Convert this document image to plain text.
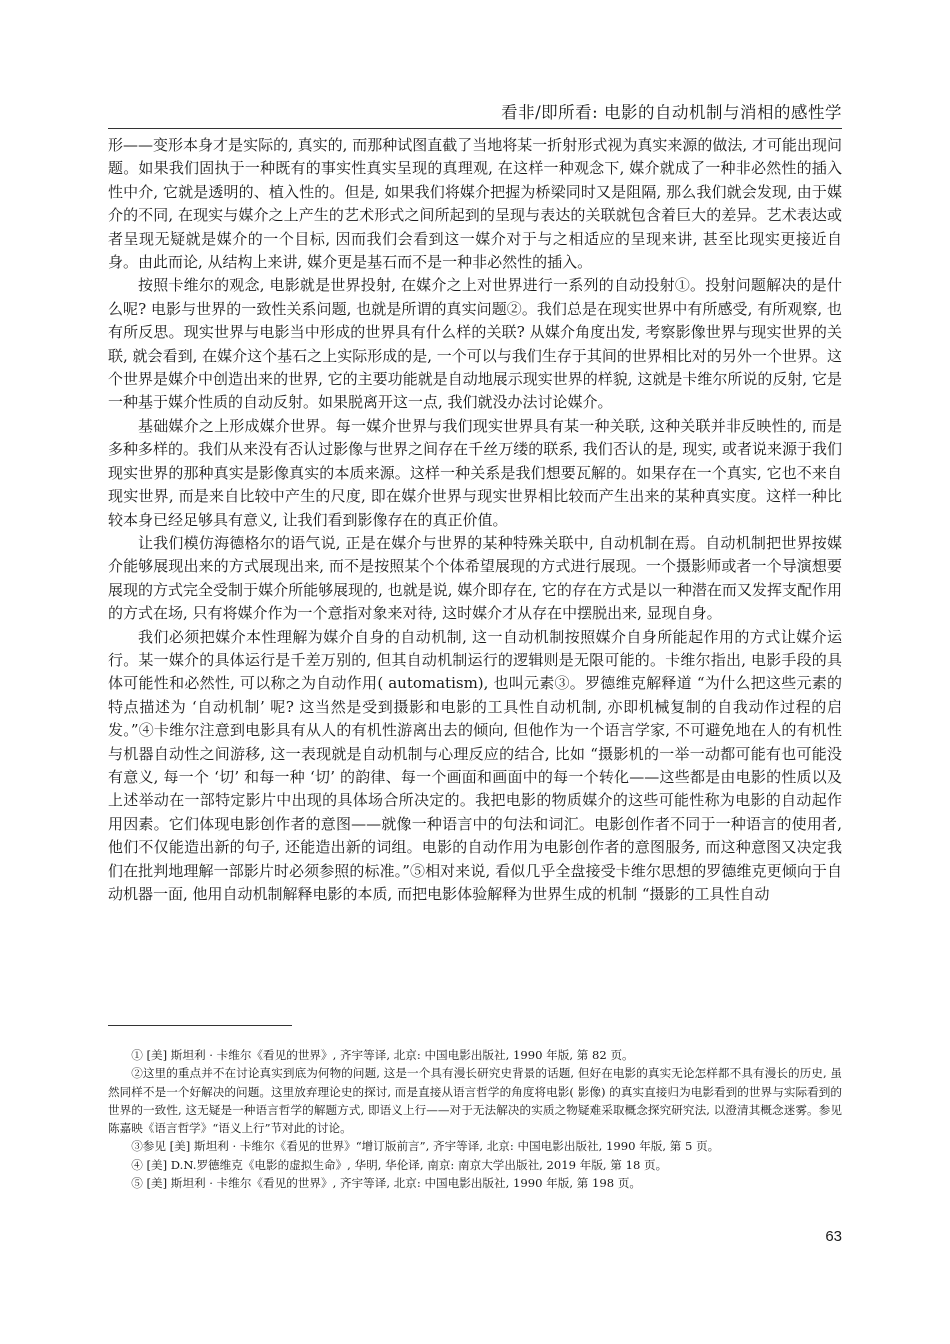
看非/即所看: 电影的自动机制与消相的感性学

形——变形本身才是实际的, 真实的, 而那种试图直截了当地将某一折射形式视为真实来源的做法, 才可能出现问题。如果我们固执于一种既有的事实性真实呈现的真理观, 在这样一种观念下, 媒介就成了一种非必然性的插入性中介, 它就是透明的、植入性的。但是, 如果我们将媒介把握为桥梁同时又是阻隔, 那么我们就会发现, 由于媒介的不同, 在现实与媒介之上产生的艺术形式之间所起到的呈现与表达的关联就包含着巨大的差异。艺术表达或者呈现无疑就是媒介的一个目标, 因而我们会看到这一媒介对于与之相适应的呈现来讲, 甚至比现实更接近自身。由此而论, 从结构上来讲, 媒介更是基石而不是一种非必然性的插入。

按照卡维尔的观念, 电影就是世界投射, 在媒介之上对世界进行一系列的自动投射①。投射问题解决的是什么呢? 电影与世界的一致性关系问题, 也就是所谓的真实问题②。我们总是在现实世界中有所感受, 有所观察, 也有所反思。现实世界与电影当中形成的世界具有什么样的关联? 从媒介角度出发, 考察影像世界与现实世界的关联, 就会看到, 在媒介这个基石之上实际形成的是, 一个可以与我们生存于其间的世界相比对的另外一个世界。这个世界是媒介中创造出来的世界, 它的主要功能就是自动地展示现实世界的样貌, 这就是卡维尔所说的反射, 它是一种基于媒介性质的自动反射。如果脱离开这一点, 我们就没办法讨论媒介。

基础媒介之上形成媒介世界。每一媒介世界与我们现实世界具有某一种关联, 这种关联并非反映性的, 而是多种多样的。我们从来没有否认过影像与世界之间存在千丝万缕的联系, 我们否认的是, 现实, 或者说来源于我们现实世界的那种真实是影像真实的本质来源。这样一种关系是我们想要瓦解的。如果存在一个真实, 它也不来自现实世界, 而是来自比较中产生的尺度, 即在媒介世界与现实世界相比较而产生出来的某种真实度。这样一种比较本身已经足够具有意义, 让我们看到影像存在的真正价值。

让我们模仿海德格尔的语气说, 正是在媒介与世界的某种特殊关联中, 自动机制在焉。自动机制把世界按媒介能够展现出来的方式展现出来, 而不是按照某个个体希望展现的方式进行展现。一个摄影师或者一个导演想要展现的方式完全受制于媒介所能够展现的, 也就是说, 媒介即存在, 它的存在方式是以一种潜在而又发挥支配作用的方式在场, 只有将媒介作为一个意指对象来对待, 这时媒介才从存在中摆脱出来, 显现自身。

我们必须把媒介本性理解为媒介自身的自动机制, 这一自动机制按照媒介自身所能起作用的方式让媒介运行。某一媒介的具体运行是千差万别的, 但其自动机制运行的逻辑则是无限可能的。卡维尔指出, 电影手段的具体可能性和必然性, 可以称之为自动作用( automatism), 也叫元素③。罗德维克解释道 “为什么把这些元素的特点描述为 ‘自动机制’ 呢? 这当然是受到摄影和电影的工具性自动机制, 亦即机械复制的自我动作过程的启发。”④卡维尔注意到电影具有从人的有机性游离出去的倾向, 但他作为一个语言学家, 不可避免地在人的有机性与机器自动性之间游移, 这一表现就是自动机制与心理反应的结合, 比如 “摄影机的一举一动都可能有也可能没有意义, 每一个 ‘切’ 和每一种 ‘切’ 的韵律、每一个画面和画面中的每一个转化——这些都是由电影的性质以及上述举动在一部特定影片中出现的具体场合所决定的。我把电影的物质媒介的这些可能性称为电影的自动起作用因素。它们体现电影创作者的意图——就像一种语言中的句法和词汇。电影创作者不同于一种语言的使用者, 他们不仅能造出新的句子, 还能造出新的词组。电影的自动作用为电影创作者的意图服务, 而这种意图又决定我们在批判地理解一部影片时必须参照的标准。”⑤相对来说, 看似几乎全盘接受卡维尔思想的罗德维克更倾向于自动机器一面, 他用自动机制解释电影的本质, 而把电影体验解释为世界生成的机制 “摄影的工具性自动

① [美] 斯坦利 · 卡维尔《看见的世界》, 齐宇等译, 北京: 中国电影出版社, 1990 年版, 第 82 页。

②这里的重点并不在讨论真实到底为何物的问题, 这是一个具有漫长研究史背景的话题, 但好在电影的真实无论怎样都不具有漫长的历史, 虽然同样不是一个好解决的问题。这里放弃理论史的探讨, 而是直接从语言哲学的角度将电影( 影像) 的真实直接归为电影看到的世界与实际看到的世界的一致性, 这无疑是一种语言哲学的解题方式, 即语义上行——对于无法解决的实质之物疑难采取概念探究研究法, 以澄清其概念迷雾。参见陈嘉映《语言哲学》“语义上行”节对此的讨论。

③参见 [美] 斯坦利 · 卡维尔《看见的世界》“增订版前言”, 齐宇等译, 北京: 中国电影出版社, 1990 年版, 第 5 页。

④ [美] D.N.罗德维克《电影的虚拟生命》, 华明, 华伦译, 南京: 南京大学出版社, 2019 年版, 第 18 页。

⑤ [美] 斯坦利 · 卡维尔《看见的世界》, 齐宇等译, 北京: 中国电影出版社, 1990 年版, 第 198 页。

63
